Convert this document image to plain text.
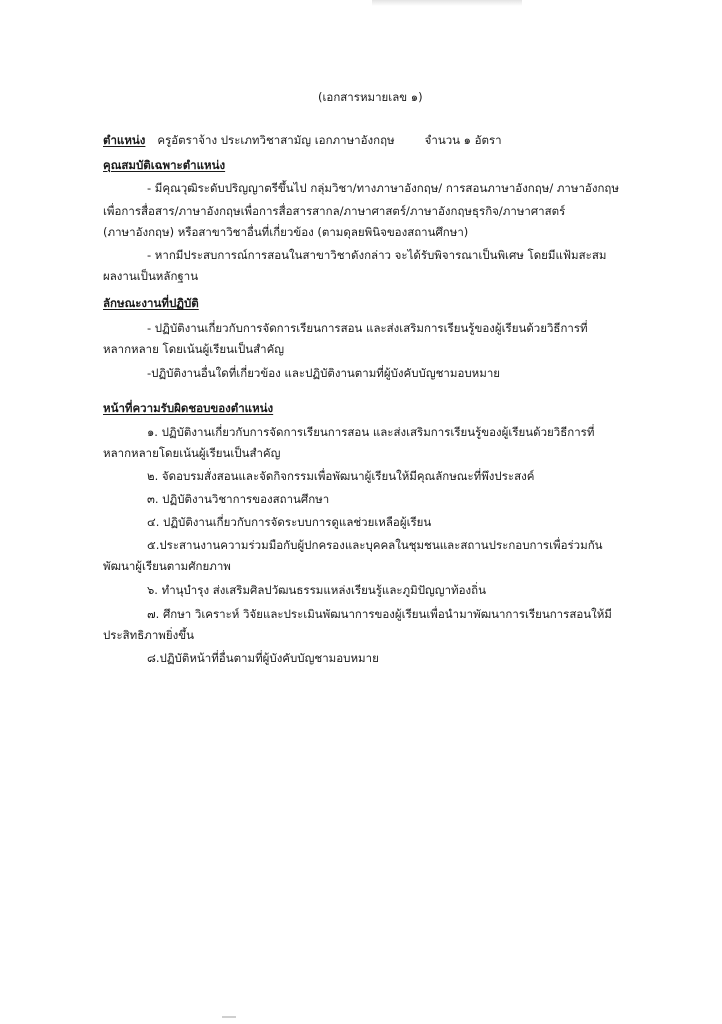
(เอกสารหมายเลข ๑)
ตำแหน่ง ครูอัตราจ้าง ประเภทวิชาสามัญ เอกภาษาอังกฤษ	จำนวน ๑ อัตรา
คุณสมบัติเฉพาะตำแหน่ง
- มีคุณวุฒิระดับปริญญาตรีขึ้นไป กลุ่มวิชา/ทางภาษาอังกฤษ/ การสอนภาษาอังกฤษ/ ภาษาอังกฤษ
เพื่อการสื่อสาร/ภาษาอังกฤษเพื่อการสื่อสารสากล/ภาษาศาสตร์/ภาษาอังกฤษธุรกิจ/ภาษาศาสตร์
(ภาษาอังกฤษ) หรือสาขาวิชาอื่นที่เกี่ยวข้อง (ตามดุลยพินิจของสถานศึกษา)
- หากมีประสบการณ์การสอนในสาขาวิชาดังกล่าว จะได้รับพิจารณาเป็นพิเศษ โดยมีแฟ้มสะสม
ผลงานเป็นหลักฐาน
ลักษณะงานที่ปฏิบัติ
- ปฏิบัติงานเกี่ยวกับการจัดการเรียนการสอน และส่งเสริมการเรียนรู้ของผู้เรียนด้วยวิธีการที่
หลากหลาย โดยเน้นผู้เรียนเป็นสำคัญ
-ปฏิบัติงานอื่นใดที่เกี่ยวข้อง และปฏิบัติงานตามที่ผู้บังคับบัญชามอบหมาย
หน้าที่ความรับผิดชอบของตำแหน่ง
๑. ปฏิบัติงานเกี่ยวกับการจัดการเรียนการสอน และส่งเสริมการเรียนรู้ของผู้เรียนด้วยวิธีการที่
หลากหลายโดยเน้นผู้เรียนเป็นสำคัญ
๒. จัดอบรมสั่งสอนและจัดกิจกรรมเพื่อพัฒนาผู้เรียนให้มีคุณลักษณะที่พึงประสงค์
๓. ปฏิบัติงานวิชาการของสถานศึกษา
๔. ปฏิบัติงานเกี่ยวกับการจัดระบบการดูแลช่วยเหลือผู้เรียน
๕.ประสานงานความร่วมมือกับผู้ปกครองและบุคคลในชุมชนและสถานประกอบการเพื่อร่วมกัน
พัฒนาผู้เรียนตามศักยภาพ
๖. ทำนุบำรุง ส่งเสริมศิลปวัฒนธรรมแหล่งเรียนรู้และภูมิปัญญาท้องถิ่น
๗. ศึกษา วิเคราะห์ วิจัยและประเมินพัฒนาการของผู้เรียนเพื่อนำมาพัฒนาการเรียนการสอนให้มี
ประสิทธิภาพยิ่งขึ้น
๘.ปฏิบัติหน้าที่อื่นตามที่ผู้บังคับบัญชามอบหมาย
